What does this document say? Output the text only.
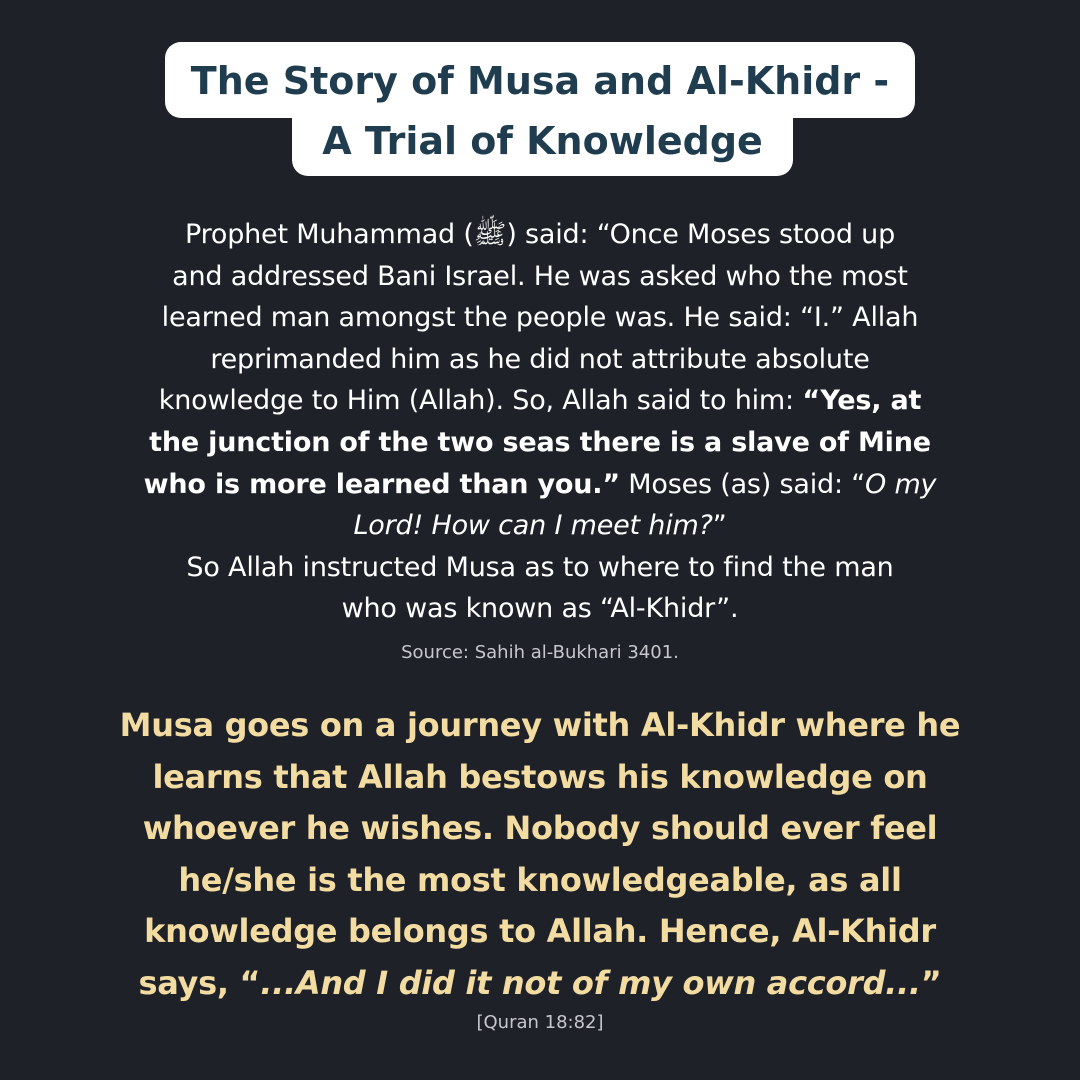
The Story of Musa and Al-Khidr -
A Trial of Knowledge
Prophet Muhammad (ﷺ) said: “Once Moses stood up
and addressed Bani Israel. He was asked who the most
learned man amongst the people was. He said: “I.” Allah
reprimanded him as he did not attribute absolute
knowledge to Him (Allah). So, Allah said to him: “Yes, at
the junction of the two seas there is a slave of Mine
who is more learned than you.” Moses (as) said: “O my
Lord! How can I meet him?”
So Allah instructed Musa as to where to find the man
who was known as “Al-Khidr”.
Source: Sahih al-Bukhari 3401.
Musa goes on a journey with Al-Khidr where he
learns that Allah bestows his knowledge on
whoever he wishes. Nobody should ever feel
he/she is the most knowledgeable, as all
knowledge belongs to Allah. Hence, Al-Khidr
says, “...And I did it not of my own accord...”
[Quran 18:82]
